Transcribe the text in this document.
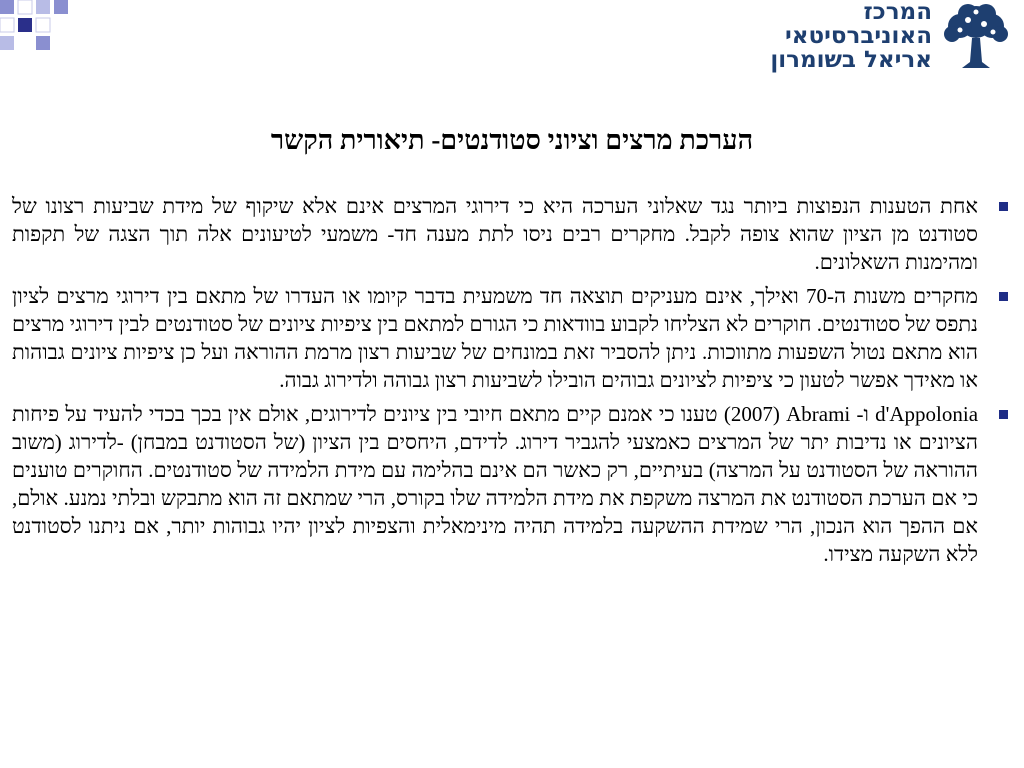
המרכז
האוניברסיטאי
אריאל בשומרון
הערכת מרצים וציוני סטודנטים- תיאורית הקשר
אחת הטענות הנפוצות ביותר נגד שאלוני הערכה היא כי דירוגי המרצים אינם אלא שיקוף של מידת שביעות רצונו של סטודנט מן הציון שהוא צופה לקבל. מחקרים רבים ניסו לתת מענה חד- משמעי לטיעונים אלה תוך הצגה של תקפות ומהימנות השאלונים.
מחקרים משנות ה-70 ואילך, אינם מעניקים תוצאה חד משמעית בדבר קיומו או העדרו של מתאם בין דירוגי מרצים לציון נתפס של סטודנטים. חוקרים לא הצליחו לקבוע בוודאות כי הגורם למתאם בין ציפיות ציונים של סטודנטים לבין דירוגי מרצים הוא מתאם נטול השפעות מתווכות. ניתן להסביר זאת במונחים של שביעות רצון מרמת ההוראה ועל כן ציפיות ציונים גבוהות או מאידך אפשר לטעון כי ציפיות לציונים גבוהים הובילו לשביעות רצון גבוהה ולדירוג גבוה.
d'Appolonia ו- Abrami (2007) טענו כי אמנם קיים מתאם חיובי בין ציונים לדירוגים, אולם אין בכך בכדי להעיד על פיחות הציונים או נדיבות יתר של המרצים כאמצעי להגביר דירוג. לדידם, היחסים בין הציון (של הסטודנט במבחן) -לדירוג (משוב ההוראה של הסטודנט על המרצה) בעיתיים, רק כאשר הם אינם בהלימה עם מידת הלמידה של סטודנטים. החוקרים טוענים כי אם הערכת הסטודנט את המרצה משקפת את מידת הלמידה שלו בקורס, הרי שמתאם זה הוא מתבקש ובלתי נמנע. אולם, אם ההפך הוא הנכון, הרי שמידת ההשקעה בלמידה תהיה מינימאלית והצפיות לציון יהיו גבוהות יותר, אם ניתנו לסטודנט ללא השקעה מצידו.
